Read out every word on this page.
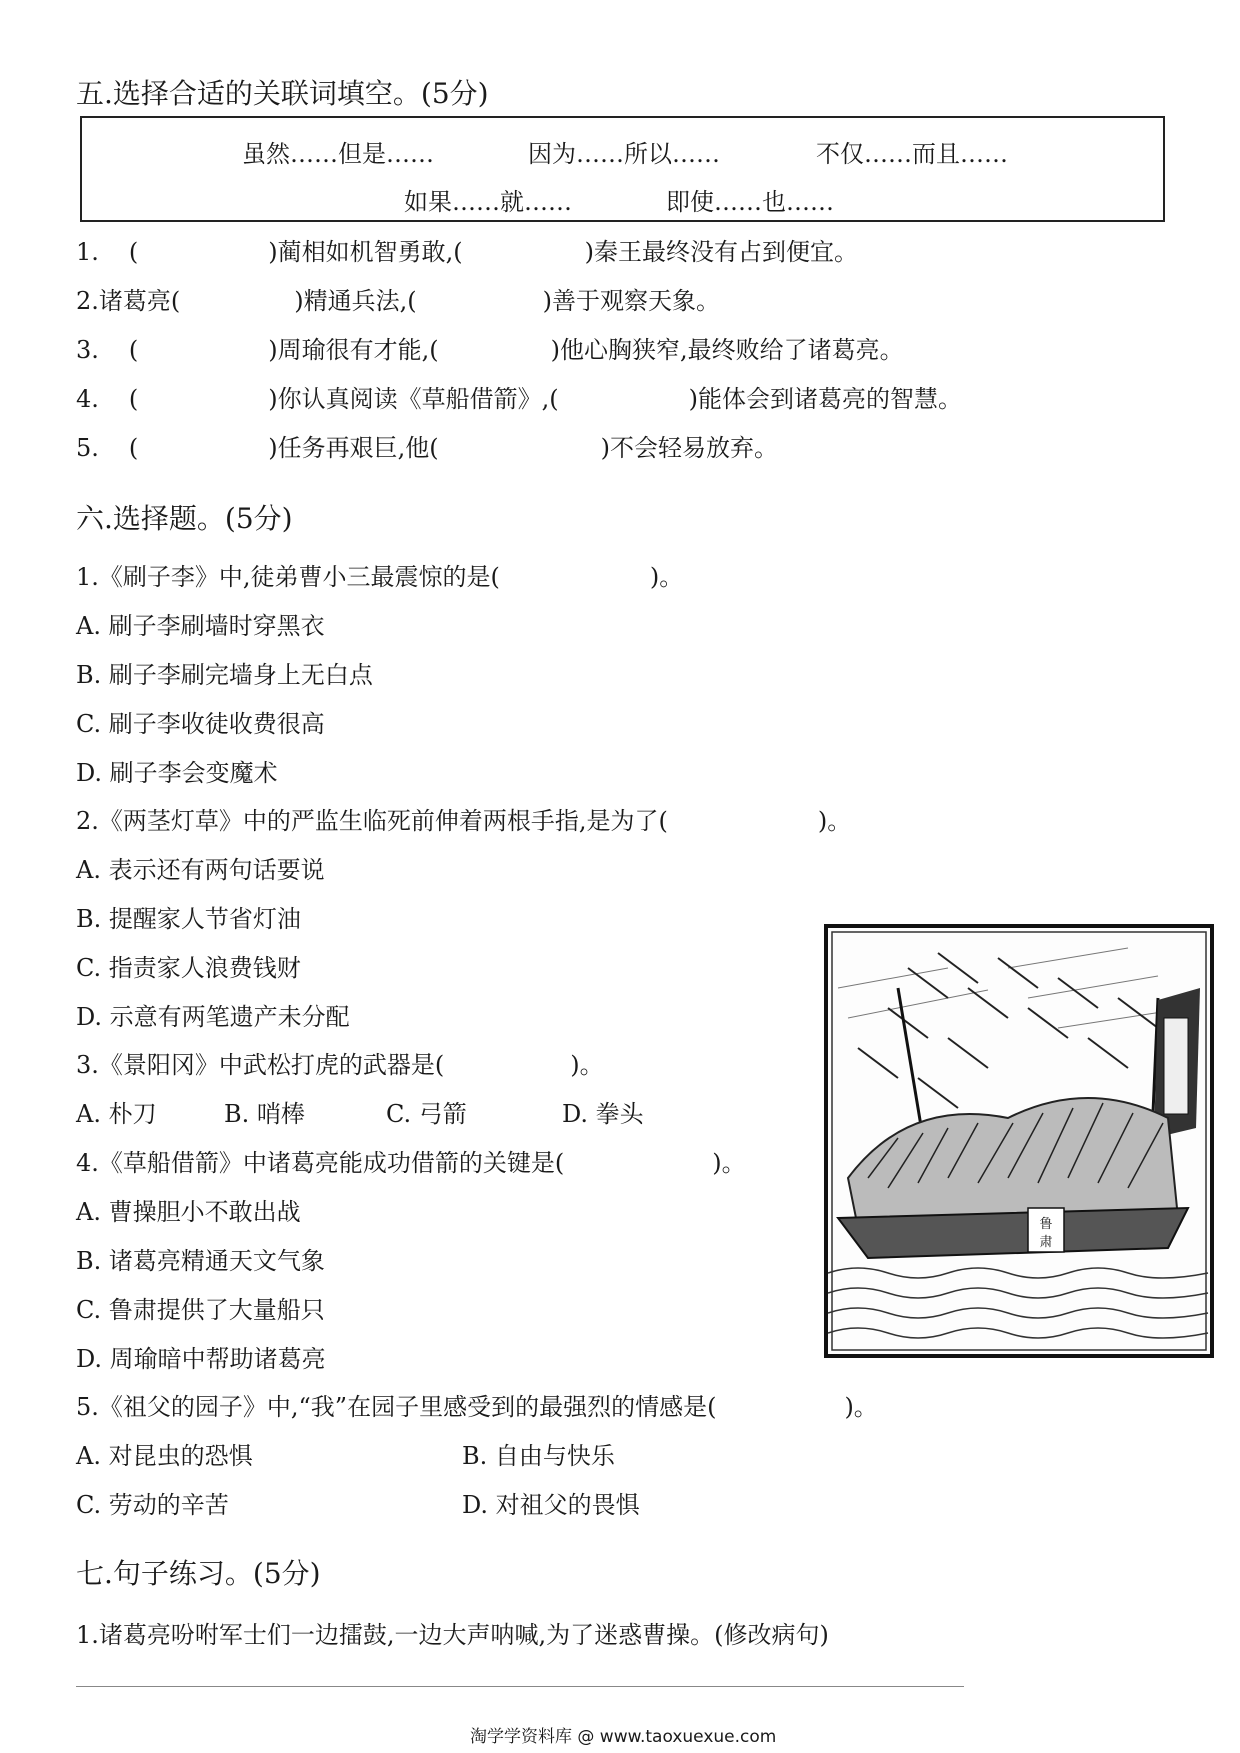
五.选择合适的关联词填空。(5分)
虽然……但是……	因为……所以……	不仅……而且……
如果……就……	即使……也……
1. (	)蔺相如机智勇敢,(	)秦王最终没有占到便宜。
2.诸葛亮(	)精通兵法,(	)善于观察天象。
3. (	)周瑜很有才能,(	)他心胸狭窄,最终败给了诸葛亮。
4. (	)你认真阅读《草船借箭》,(	)能体会到诸葛亮的智慧。
5. (	)任务再艰巨,他(	)不会轻易放弃。
六.选择题。(5分)
1.《刷子李》中,徒弟曹小三最震惊的是(	)。
A. 刷子李刷墙时穿黑衣
B. 刷子李刷完墙身上无白点
C. 刷子李收徒收费很高
D. 刷子李会变魔术
2.《两茎灯草》中的严监生临死前伸着两根手指,是为了(	)。
A. 表示还有两句话要说
B. 提醒家人节省灯油
C. 指责家人浪费钱财
D. 示意有两笔遗产未分配
3.《景阳冈》中武松打虎的武器是(	)。
A. 朴刀	B. 哨棒	C. 弓箭	D. 拳头
4.《草船借箭》中诸葛亮能成功借箭的关键是(	)。
A. 曹操胆小不敢出战
B. 诸葛亮精通天文气象
C. 鲁肃提供了大量船只
D. 周瑜暗中帮助诸葛亮
5.《祖父的园子》中,“我”在园子里感受到的最强烈的情感是(	)。
A. 对昆虫的恐惧	B. 自由与快乐
C. 劳动的辛苦	D. 对祖父的畏惧
七.句子练习。(5分)
1.诸葛亮吩咐军士们一边擂鼓,一边大声呐喊,为了迷惑曹操。(修改病句)
鲁
肃
淘学学资料库 @ www.taoxuexue.com
